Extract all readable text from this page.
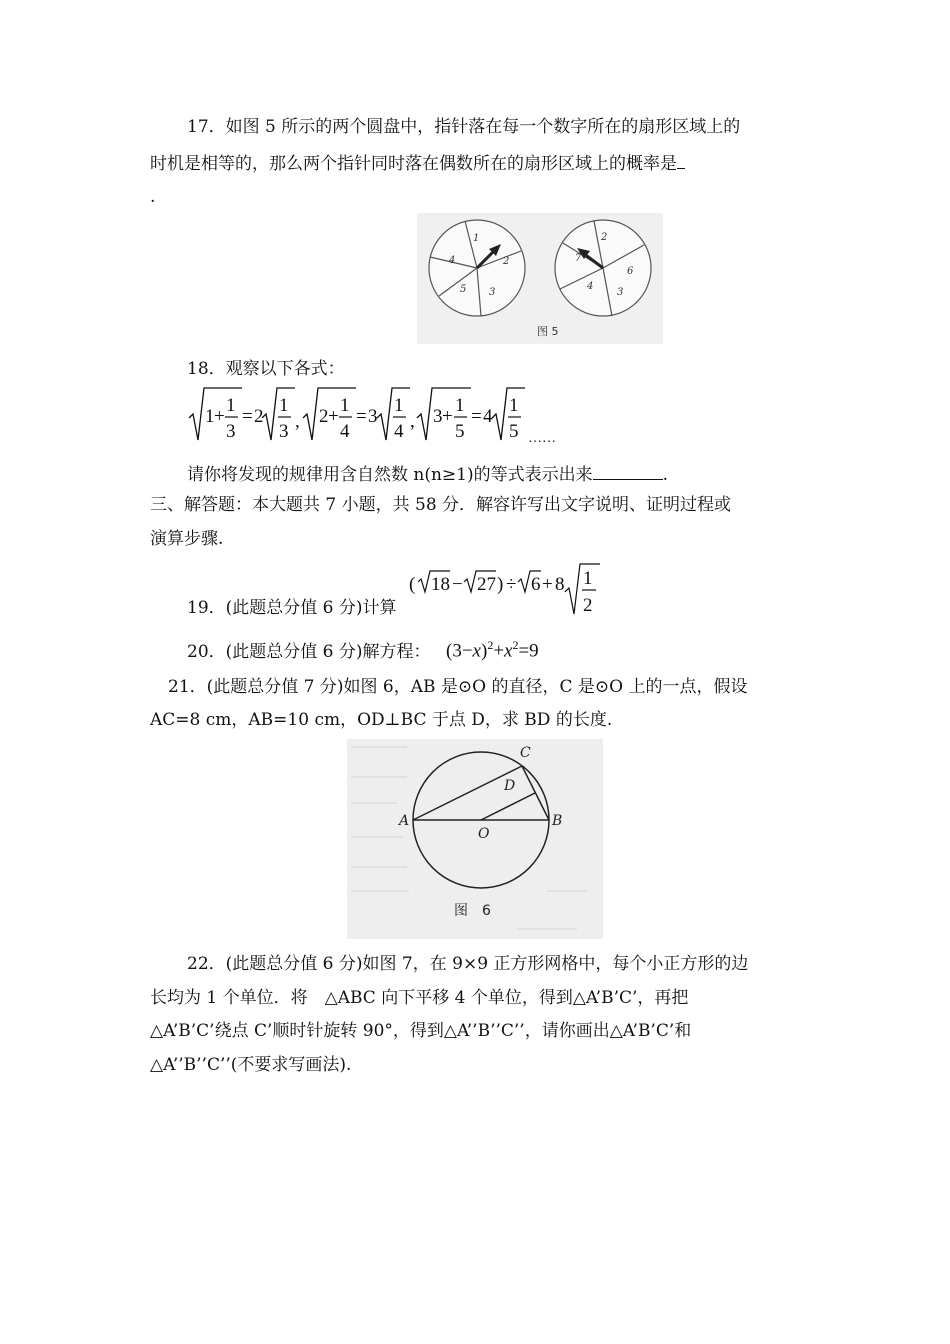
17．如图 5 所示的两个圆盘中，指针落在每一个数字所在的扇形区域上的
时机是相等的，那么两个指针同时落在偶数所在的扇形区域上的概率是
.
1
2
3
5
4
2
6
3
4
7
图 5
18．观察以下各式：
1 +
1
3
= 2
1
3 , 2 +
1
4
= 3
1
4 , 3 +
1
5
= 4
1
5 ……
请你将发现的规律用含自然数 n(n≥1)的等式表示出来	.
三、解答题：本大题共 7 小题，共 58 分．解容许写出文字说明、证明过程或
演算步骤.
19．(此题总分值 6 分)计算
( 18 − 27 ) ÷ 6 + 8 1
2
20．(此题总分值 6 分)解方程： $(3-x)^2+x^2=9$
21．(此题总分值 7 分)如图 6，AB 是⊙O 的直径，C 是⊙O 上的一点，假设
AC=8 cm，AB=10 cm，OD⊥BC 于点 D，求 BD 的长度.
A	B
C
D
O
图　6
22．(此题总分值 6 分)如图 7，在 9×9 正方形网格中，每个小正方形的边
长均为 1 个单位．将　△ABC 向下平移 4 个单位，得到△A’B’C’，再把
△A’B’C’绕点 C’顺时针旋转 90°，得到△A’’B’’C’’，请你画出△A’B’C’和
△A’’B’’C’’(不要求写画法).
